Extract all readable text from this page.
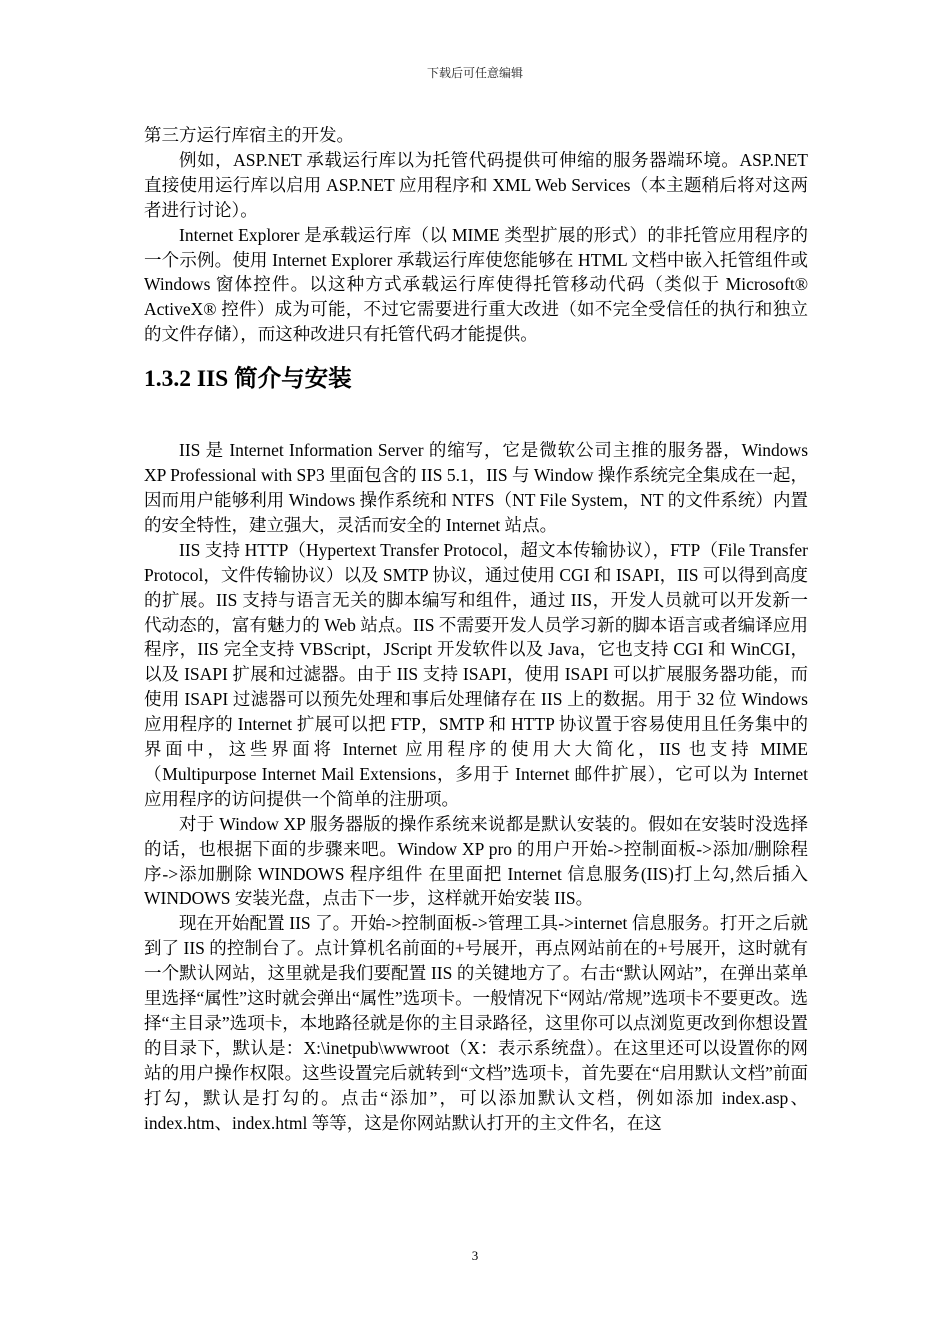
下载后可任意编辑

第三方运行库宿主的开发。

例如，ASP.NET 承载运行库以为托管代码提供可伸缩的服务器端环境。ASP.NET 直接使用运行库以启用 ASP.NET 应用程序和 XML Web Services（本主题稍后将对这两者进行讨论）。

Internet Explorer 是承载运行库（以 MIME 类型扩展的形式）的非托管应用程序的一个示例。使用 Internet Explorer 承载运行库使您能够在 HTML 文档中嵌入托管组件或 Windows 窗体控件。以这种方式承载运行库使得托管移动代码（类似于 Microsoft® ActiveX® 控件）成为可能，不过它需要进行重大改进（如不完全受信任的执行和独立的文件存储），而这种改进只有托管代码才能提供。

1.3.2 IIS 简介与安装

IIS 是 Internet Information Server 的缩写，它是微软公司主推的服务器，Windows XP Professional with SP3 里面包含的 IIS 5.1，IIS 与 Window 操作系统完全集成在一起，因而用户能够利用 Windows 操作系统和 NTFS（NT File System，NT 的文件系统）内置的安全特性，建立强大，灵活而安全的 Internet 站点。

IIS 支持 HTTP（Hypertext Transfer Protocol，超文本传输协议），FTP（File Transfer Protocol，文件传输协议）以及 SMTP 协议，通过使用 CGI 和 ISAPI，IIS 可以得到高度的扩展。IIS 支持与语言无关的脚本编写和组件，通过 IIS，开发人员就可以开发新一代动态的，富有魅力的 Web 站点。IIS 不需要开发人员学习新的脚本语言或者编译应用程序，IIS 完全支持 VBScript，JScript 开发软件以及 Java，它也支持 CGI 和 WinCGI，以及 ISAPI 扩展和过滤器。由于 IIS 支持 ISAPI，使用 ISAPI 可以扩展服务器功能，而使用 ISAPI 过滤器可以预先处理和事后处理储存在 IIS 上的数据。用于 32 位 Windows 应用程序的 Internet 扩展可以把 FTP，SMTP 和 HTTP 协议置于容易使用且任务集中的界面中，这些界面将 Internet 应用程序的使用大大简化，IIS 也支持 MIME（Multipurpose Internet Mail Extensions，多用于 Internet 邮件扩展），它可以为 Internet 应用程序的访问提供一个简单的注册项。

对于 Window XP 服务器版的操作系统来说都是默认安装的。假如在安装时没选择的话，也根据下面的步骤来吧。Window XP pro 的用户开始->控制面板->添加/删除程序->添加删除 WINDOWS 程序组件 在里面把 Internet 信息服务(IIS)打上勾,然后插入 WINDOWS 安装光盘，点击下一步，这样就开始安装 IIS。

现在开始配置 IIS 了。开始->控制面板->管理工具->internet 信息服务。打开之后就到了 IIS 的控制台了。点计算机名前面的+号展开，再点网站前在的+号展开，这时就有一个默认网站，这里就是我们要配置 IIS 的关键地方了。右击“默认网站”，在弹出菜单里选择“属性”这时就会弹出“属性”选项卡。一般情况下“网站/常规”选项卡不要更改。选择“主目录”选项卡，本地路径就是你的主目录路径，这里你可以点浏览更改到你想设置的目录下，默认是：X:\inetpub\wwwroot（X：表示系统盘）。在这里还可以设置你的网站的用户操作权限。这些设置完后就转到“文档”选项卡，首先要在“启用默认文档”前面打勾，默认是打勾的。点击“添加”，可以添加默认文档，例如添加 index.asp、index.htm、index.html 等等，这是你网站默认打开的主文件名，在这

3
